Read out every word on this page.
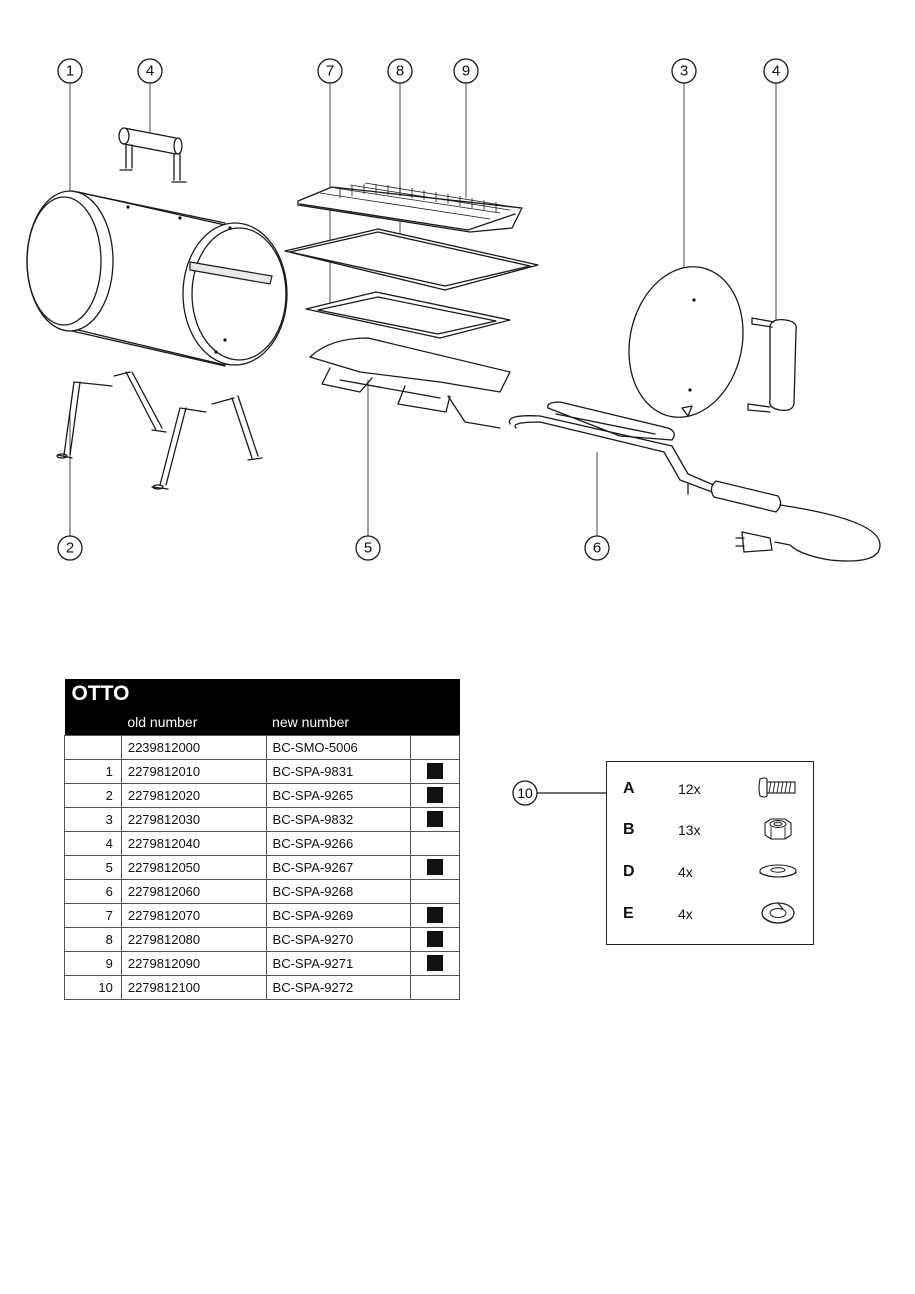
1	4	7	8	9	3	4
2	5	6
OTTO			
	old number	new number	
	2239812000	BC-SMO-5006	
1	2279812010	BC-SPA-9831	
2	2279812020	BC-SPA-9265	
3	2279812030	BC-SPA-9832	
4	2279812040	BC-SPA-9266	
5	2279812050	BC-SPA-9267	
6	2279812060	BC-SPA-9268	
7	2279812070	BC-SPA-9269	
8	2279812080	BC-SPA-9270	
9	2279812090	BC-SPA-9271	
10	2279812100	BC-SPA-9272	
10	A	12x
B	13x
D	4x
E	4x
